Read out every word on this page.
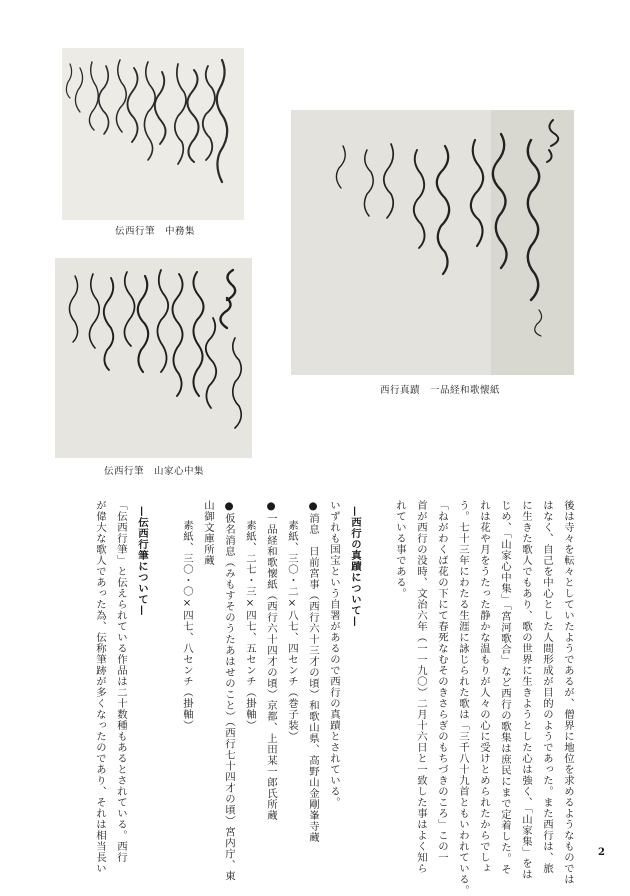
伝西行筆　中務集
伝西行筆　山家心中集
西行真蹟　一品経和歌懐紙
後は寺々を転々としていたようであるが、僧界に地位を求めるようなものでは
はなく、自己を中心とした人間形成が目的のようであった。また西行は、旅
に生きた歌人でもあり、歌の世界に生きようとした心は強く、「山家集」をは
じめ、「山家心中集」「宮河歌合」など西行の歌集は庶民にまで定着した。そ
れは花や月をうたった静かな温もりが人々の心に受けとめられたからでしょ
う。七十三年にわたる生涯に詠じられた歌は「三千八十九首ともいわれている。
「ねがわくば花の下にて春死なむそのきさらぎのもちづきのころ」この一
首が西行の没時、文治六年（一一九〇）二月十六日と一致した事はよく知ら
れている事である。
—西行の真蹟について—
いずれも国宝という自署があるので西行の真蹟とされている。
●消息　日前宮事（西行六十三才の頃）和歌山県、高野山金剛峯寺蔵
素紙、三〇・二×八七、四センチ（巻子装）
●一品経和歌懐紙（西行六十四才の頃）京都、上田某一郎氏所蔵
素紙、二七・三×四七、五センチ（掛軸）
●仮名消息（みもすそのうたあはせのこと）（西行七十四才の頃）宮内庁、東
山御文庫所蔵
素紙、三〇・〇×四七、八センチ（掛軸）
—伝西行筆について—
「伝西行筆」と伝えられている作品は二十数種もあるとされている。西行
が偉大な歌人であった為、伝称筆跡が多くなったのであり、それは相当長い	2
